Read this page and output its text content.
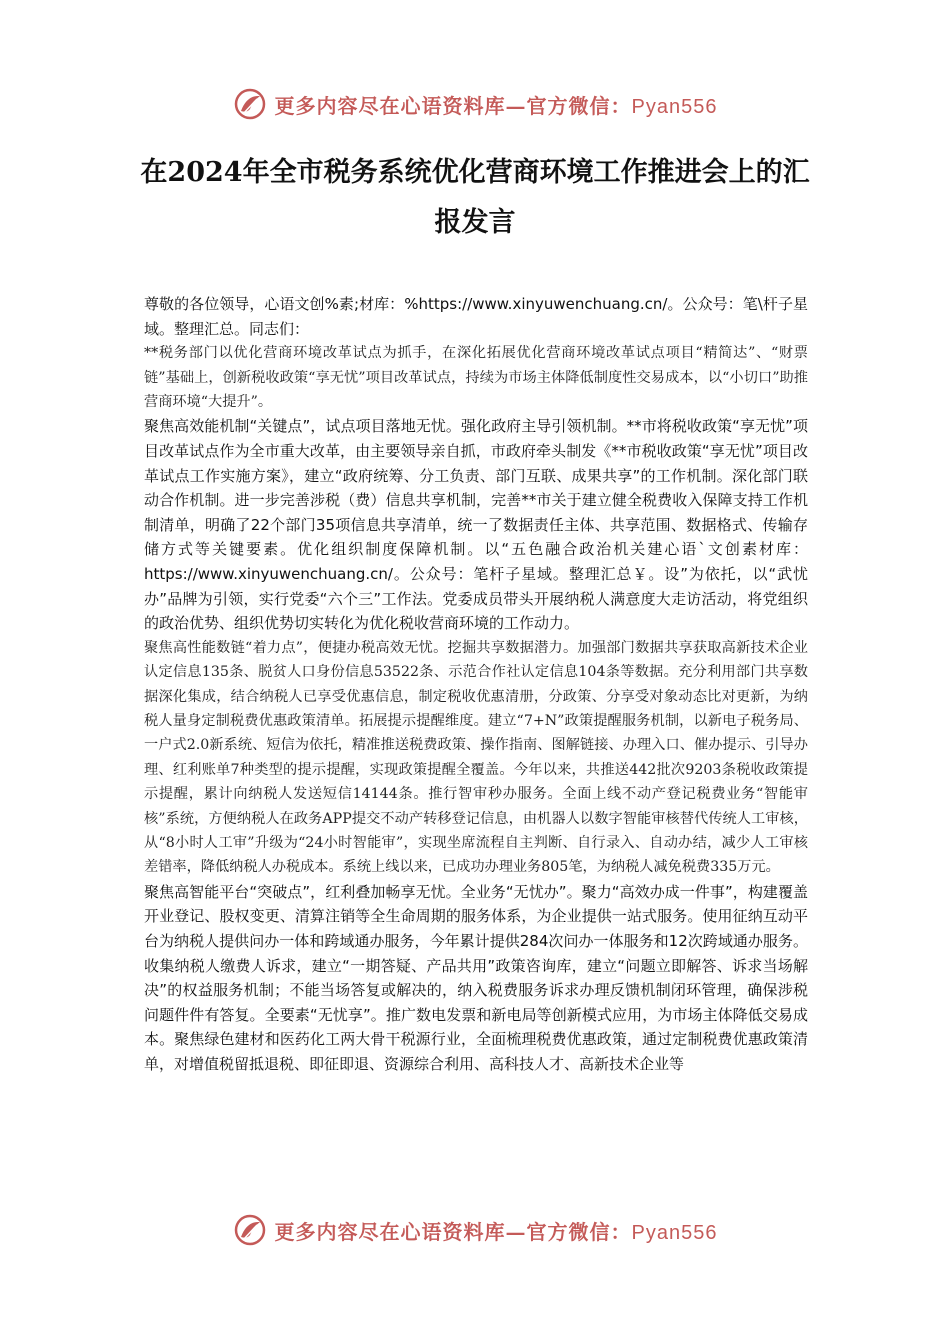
更多内容尽在心语资料库—官方微信：Pyan556
在2024年全市税务系统优化营商环境工作推进会上的汇报发言

尊敬的各位领导，心语文创%素;材库：%https://www.xinyuwenchuang.cn/。公众号：笔\杆子星域。整理汇总。同志们：

**税务部门以优化营商环境改革试点为抓手，在深化拓展优化营商环境改革试点项目“精简达”、“财票链”基础上，创新税收政策“享无忧”项目改革试点，持续为市场主体降低制度性交易成本，以“小切口”助推营商环境“大提升”。

聚焦高效能机制“关键点”，试点项目落地无忧。强化政府主导引领机制。**市将税收政策“享无忧”项目改革试点作为全市重大改革，由主要领导亲自抓，市政府牵头制发《**市税收政策“享无忧”项目改革试点工作实施方案》，建立“政府统筹、分工负责、部门互联、成果共享”的工作机制。深化部门联动合作机制。进一步完善涉税（费）信息共享机制，完善**市关于建立健全税费收入保障支持工作机制清单，明确了22个部门35项信息共享清单，统一了数据责任主体、共享范围、数据格式、传输存储方式等关键要素。优化组织制度保障机制。以“五色融合政治机关建心语`文创素材库：https://www.xinyuwenchuang.cn/。公众号：笔杆子星域。整理汇总￥。设”为依托，以“武忧办”品牌为引领，实行党委“六个三”工作法。党委成员带头开展纳税人满意度大走访活动，将党组织的政治优势、组织优势切实转化为优化税收营商环境的工作动力。

聚焦高性能数链“着力点”，便捷办税高效无忧。挖掘共享数据潜力。加强部门数据共享获取高新技术企业认定信息135条、脱贫人口身份信息53522条、示范合作社认定信息104条等数据。充分利用部门共享数据深化集成，结合纳税人已享受优惠信息，制定税收优惠清册，分政策、分享受对象动态比对更新，为纳税人量身定制税费优惠政策清单。拓展提示提醒维度。建立“7+N”政策提醒服务机制，以新电子税务局、一户式2.0新系统、短信为依托，精准推送税费政策、操作指南、图解链接、办理入口、催办提示、引导办理、红利账单7种类型的提示提醒，实现政策提醒全覆盖。今年以来，共推送442批次9203条税收政策提示提醒，累计向纳税人发送短信14144条。推行智审秒办服务。全面上线不动产登记税费业务“智能审核”系统，方便纳税人在政务APP提交不动产转移登记信息，由机器人以数字智能审核替代传统人工审核，从“8小时人工审”升级为“24小时智能审”，实现坐席流程自主判断、自行录入、自动办结，减少人工审核差错率，降低纳税人办税成本。系统上线以来，已成功办理业务805笔，为纳税人减免税费335万元。

聚焦高智能平台“突破点”，红利叠加畅享无忧。全业务“无忧办”。聚力“高效办成一件事”，构建覆盖开业登记、股权变更、清算注销等全生命周期的服务体系，为企业提供一站式服务。使用征纳互动平台为纳税人提供问办一体和跨域通办服务，今年累计提供284次问办一体服务和12次跨域通办服务。收集纳税人缴费人诉求，建立“一期答疑、产品共用”政策咨询库，建立“问题立即解答、诉求当场解决”的权益服务机制；不能当场答复或解决的，纳入税费服务诉求办理反馈机制闭环管理，确保涉税问题件件有答复。全要素“无忧享”。推广数电发票和新电局等创新模式应用，为市场主体降低交易成本。聚焦绿色建材和医药化工两大骨干税源行业，全面梳理税费优惠政策，通过定制税费优惠政策清单，对增值税留抵退税、即征即退、资源综合利用、高科技人才、高新技术企业等

更多内容尽在心语资料库—官方微信：Pyan556
